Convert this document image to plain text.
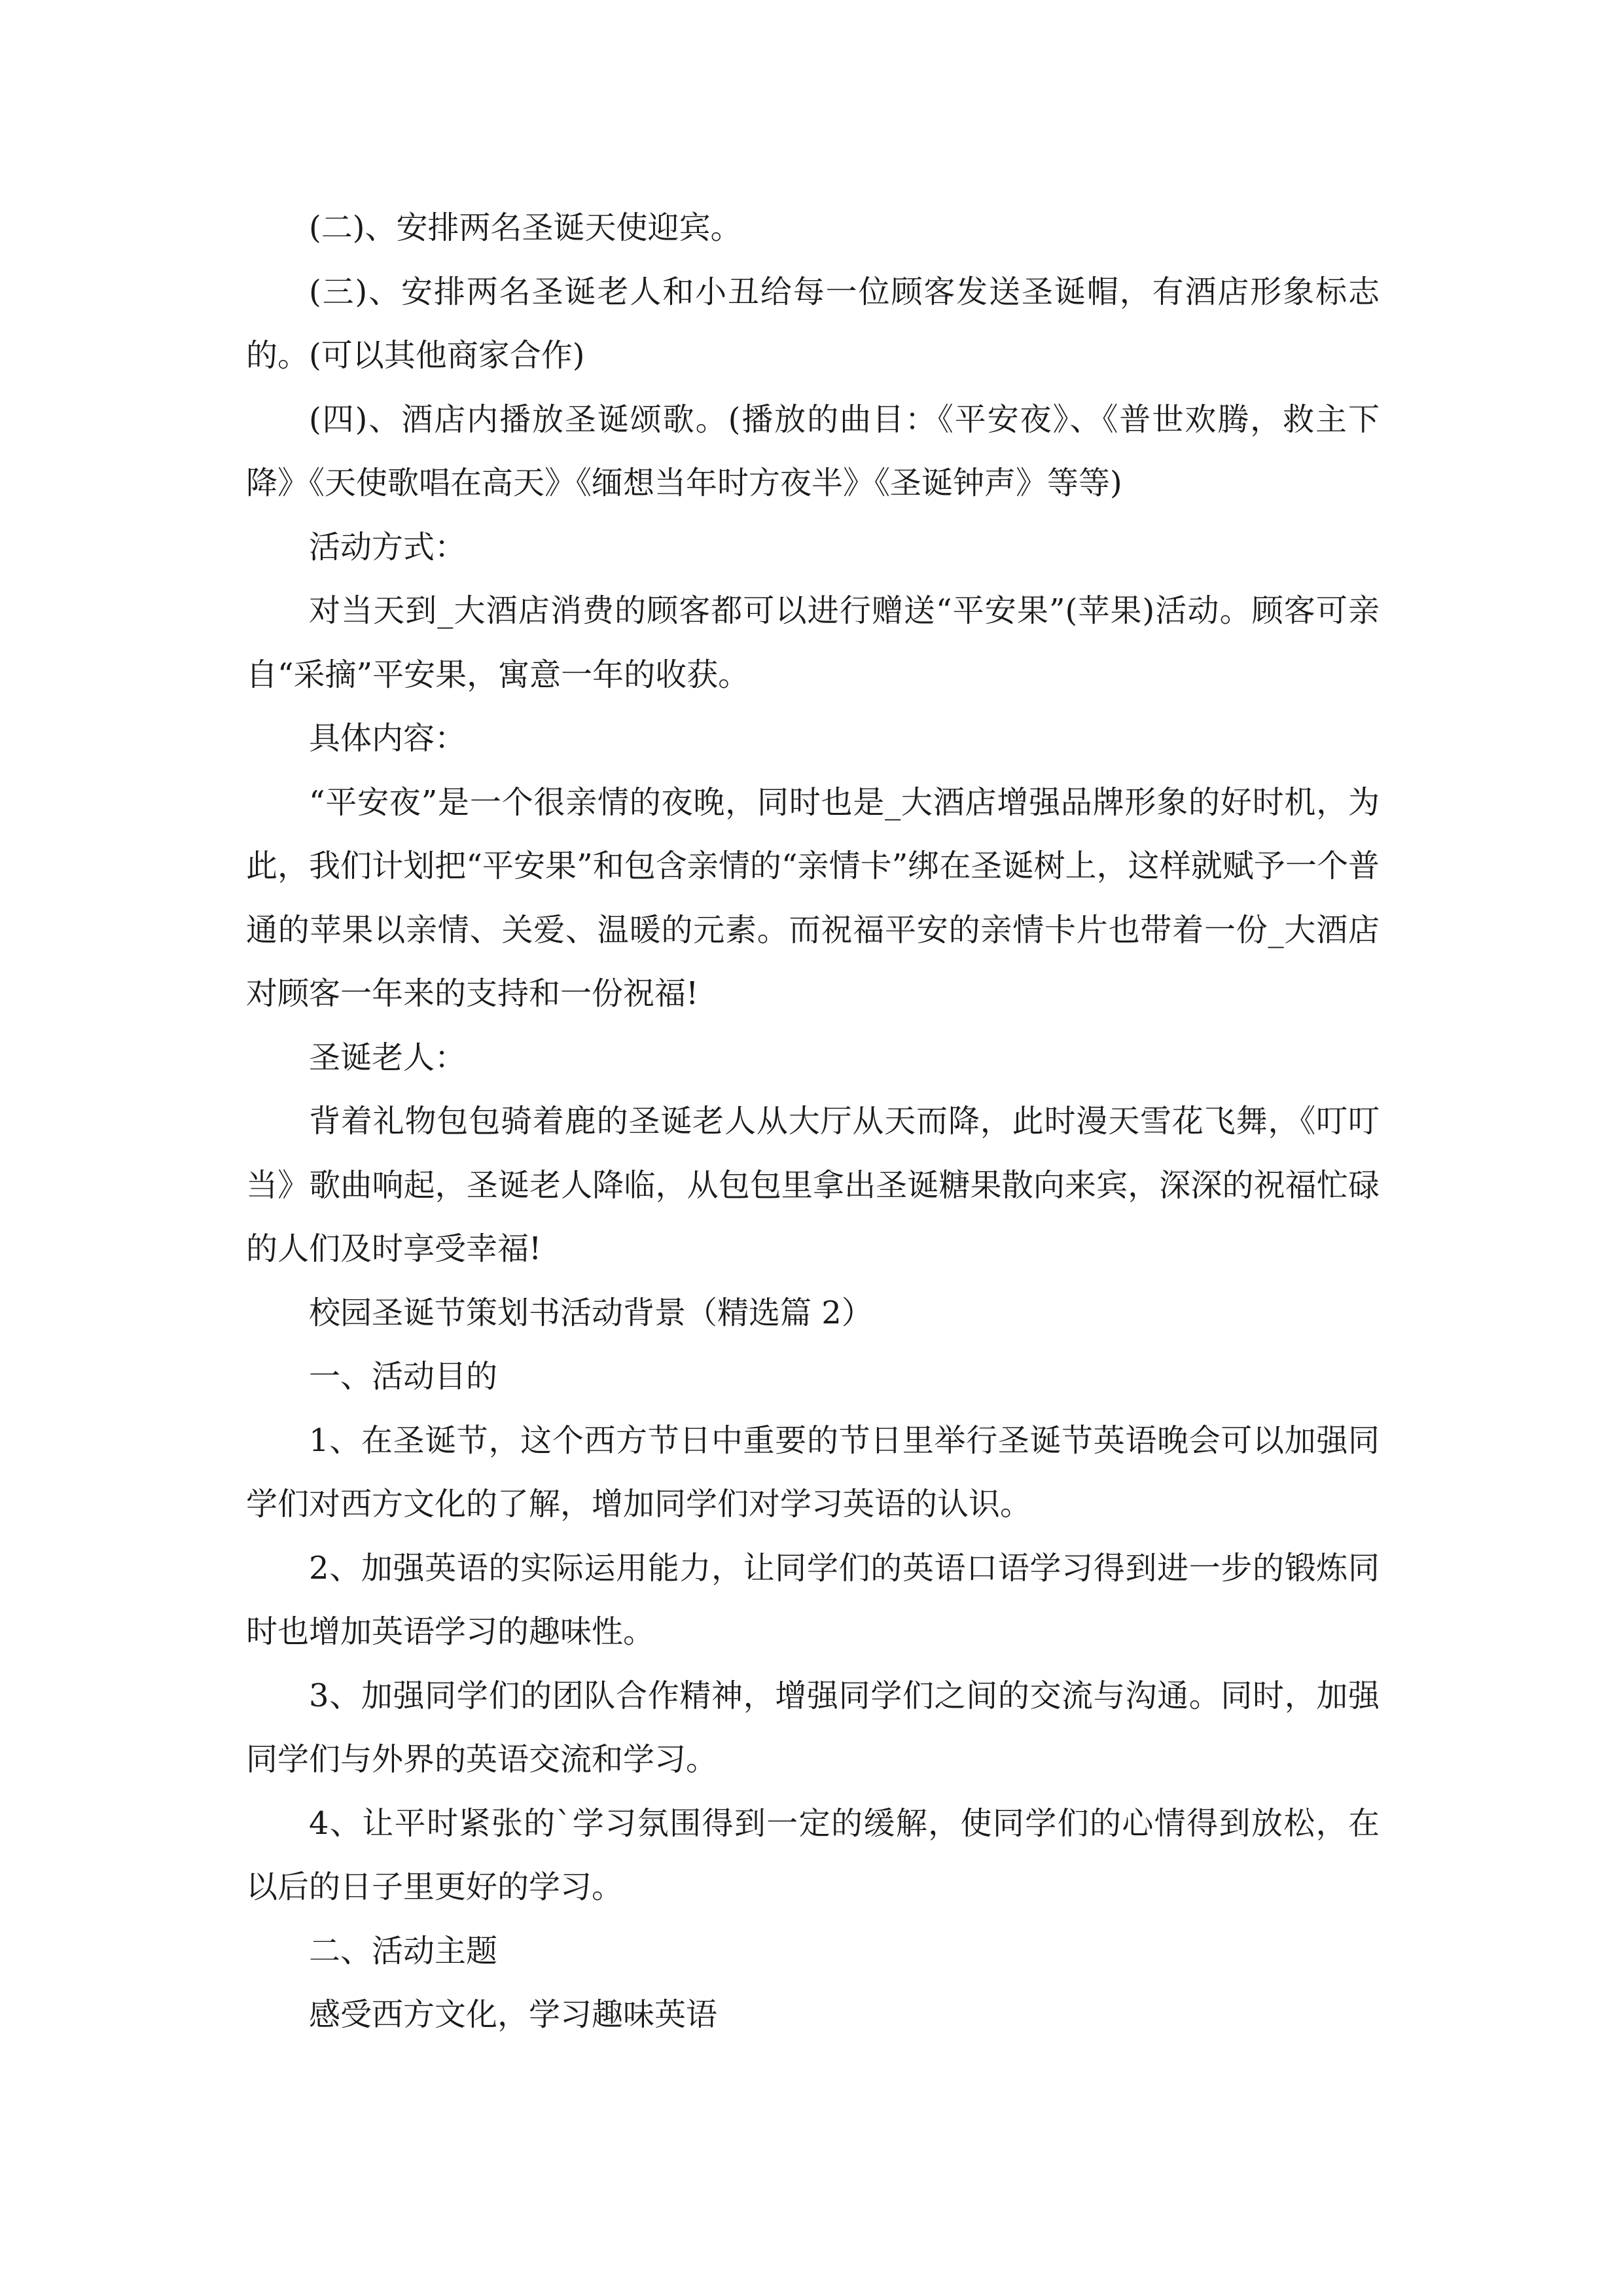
(二)、安排两名圣诞天使迎宾。

(三)、安排两名圣诞老人和小丑给每一位顾客发送圣诞帽，有酒店形象标志的。(可以其他商家合作)

(四)、酒店内播放圣诞颂歌。(播放的曲目：《平安夜》、《普世欢腾，救主下降》《天使歌唱在高天》《缅想当年时方夜半》《圣诞钟声》等等)

活动方式：

对当天到_大酒店消费的顾客都可以进行赠送“平安果”(苹果)活动。顾客可亲自“采摘”平安果，寓意一年的收获。

具体内容：

“平安夜”是一个很亲情的夜晚，同时也是_大酒店增强品牌形象的好时机，为此，我们计划把“平安果”和包含亲情的“亲情卡”绑在圣诞树上，这样就赋予一个普通的苹果以亲情、关爱、温暖的元素。而祝福平安的亲情卡片也带着一份_大酒店对顾客一年来的支持和一份祝福!

圣诞老人：

背着礼物包包骑着鹿的圣诞老人从大厅从天而降，此时漫天雪花飞舞，《叮叮当》歌曲响起，圣诞老人降临，从包包里拿出圣诞糖果散向来宾，深深的祝福忙碌的人们及时享受幸福!

校园圣诞节策划书活动背景（精选篇 2）

一、活动目的

1、在圣诞节，这个西方节日中重要的节日里举行圣诞节英语晚会可以加强同学们对西方文化的了解，增加同学们对学习英语的认识。

2、加强英语的实际运用能力，让同学们的英语口语学习得到进一步的锻炼同时也增加英语学习的趣味性。

3、加强同学们的团队合作精神，增强同学们之间的交流与沟通。同时，加强同学们与外界的英语交流和学习。

4、让平时紧张的`学习氛围得到一定的缓解，使同学们的心情得到放松，在以后的日子里更好的学习。

二、活动主题

感受西方文化，学习趣味英语
